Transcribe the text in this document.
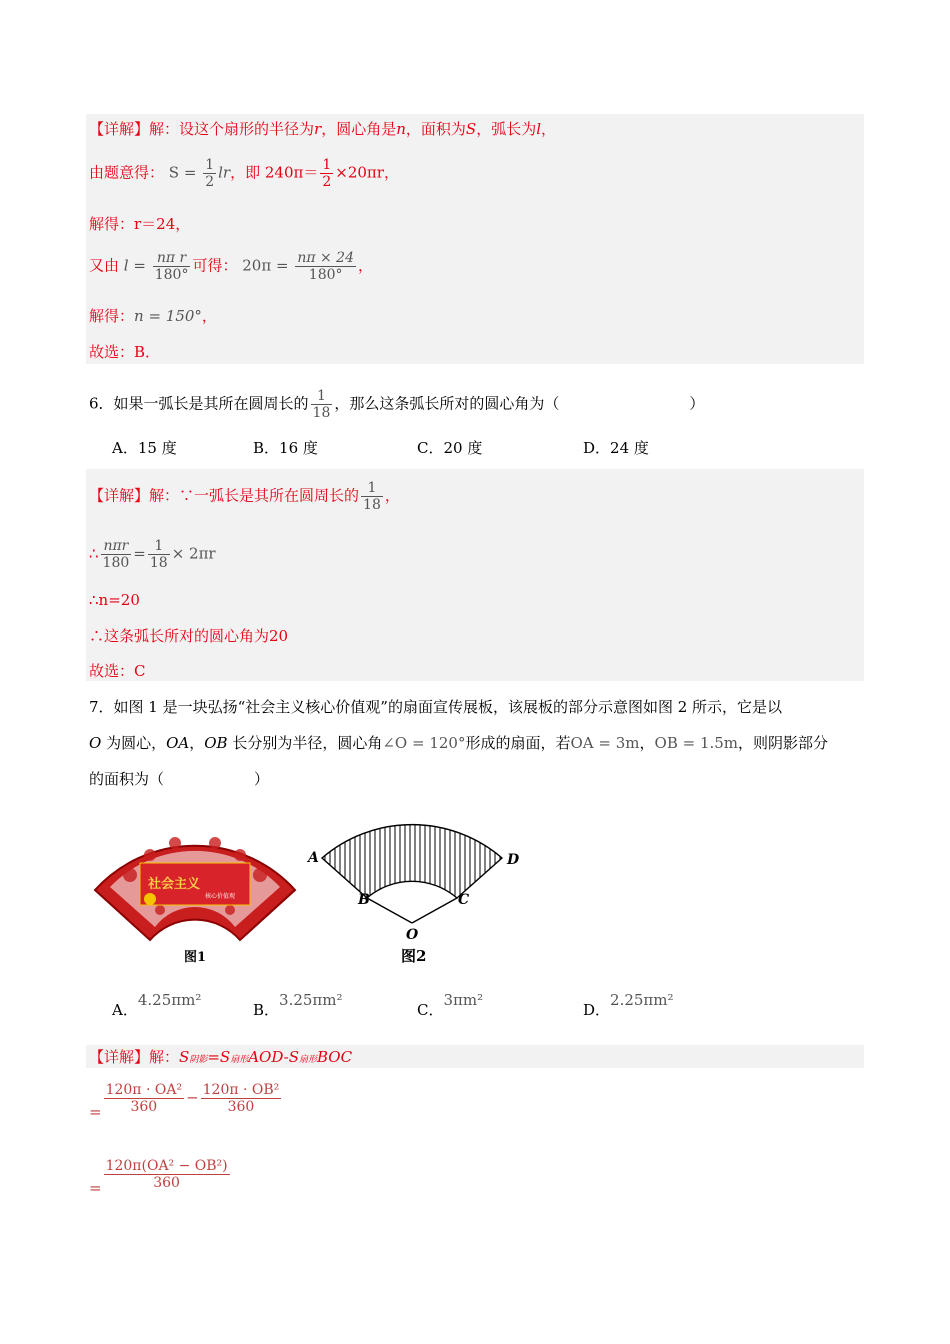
【详解】解：设这个扇形的半径为r，圆心角是n，面积为S，弧长为l，
由题意得： $S = \frac{1}{2}$ lr，即 $240\pi= \frac{1}{2} \times 20\pi r$，
解得：r＝24，
又由 $l = \frac{\text{nπ r}}{180^\circ}$ 可得： $20\pi = \frac{n\pi \times 24}{180^\circ}$ ，
解得：n = 150°，
故选：B．
6．如果一弧长是其所在圆周长的 $\frac{1}{18}$ ，那么这条弧长所对的圆心角为（	）
A．15 度	B．16 度	C．20 度	D．24 度
【详解】解：∵一弧长是其所在圆周长的 $\frac{1}{18}$ ，
∴ $\frac{\text{nπr}}{180} = \frac{1}{18} \times 2\pi r$
∴n=20
∴这条弧长所对的圆心角为20
故选：C
7．如图 1 是一块弘扬“社会主义核心价值观”的扇面宣传展板，该展板的部分示意图如图 2 所示，它是以
O 为圆心，OA，OB 长分别为半径，圆心角∠O = 120°形成的扇面，若OA = 3m，OB = 1.5m，则阴影部分
的面积为（	）
社会主义
核心价值观
图1
A	D
B	C
O
图2
A．4.25πm²
B．3.25πm²
C．3πm²
D．2.25πm²
【详解】解：S阴影=S扇形AOD-S扇形BOC
= $\frac{\text{120π · OA²}}{360} - \frac{\text{120π · OB²}}{360}$
= $\frac{\text{120π(OA² − OB²)}}{360}$
